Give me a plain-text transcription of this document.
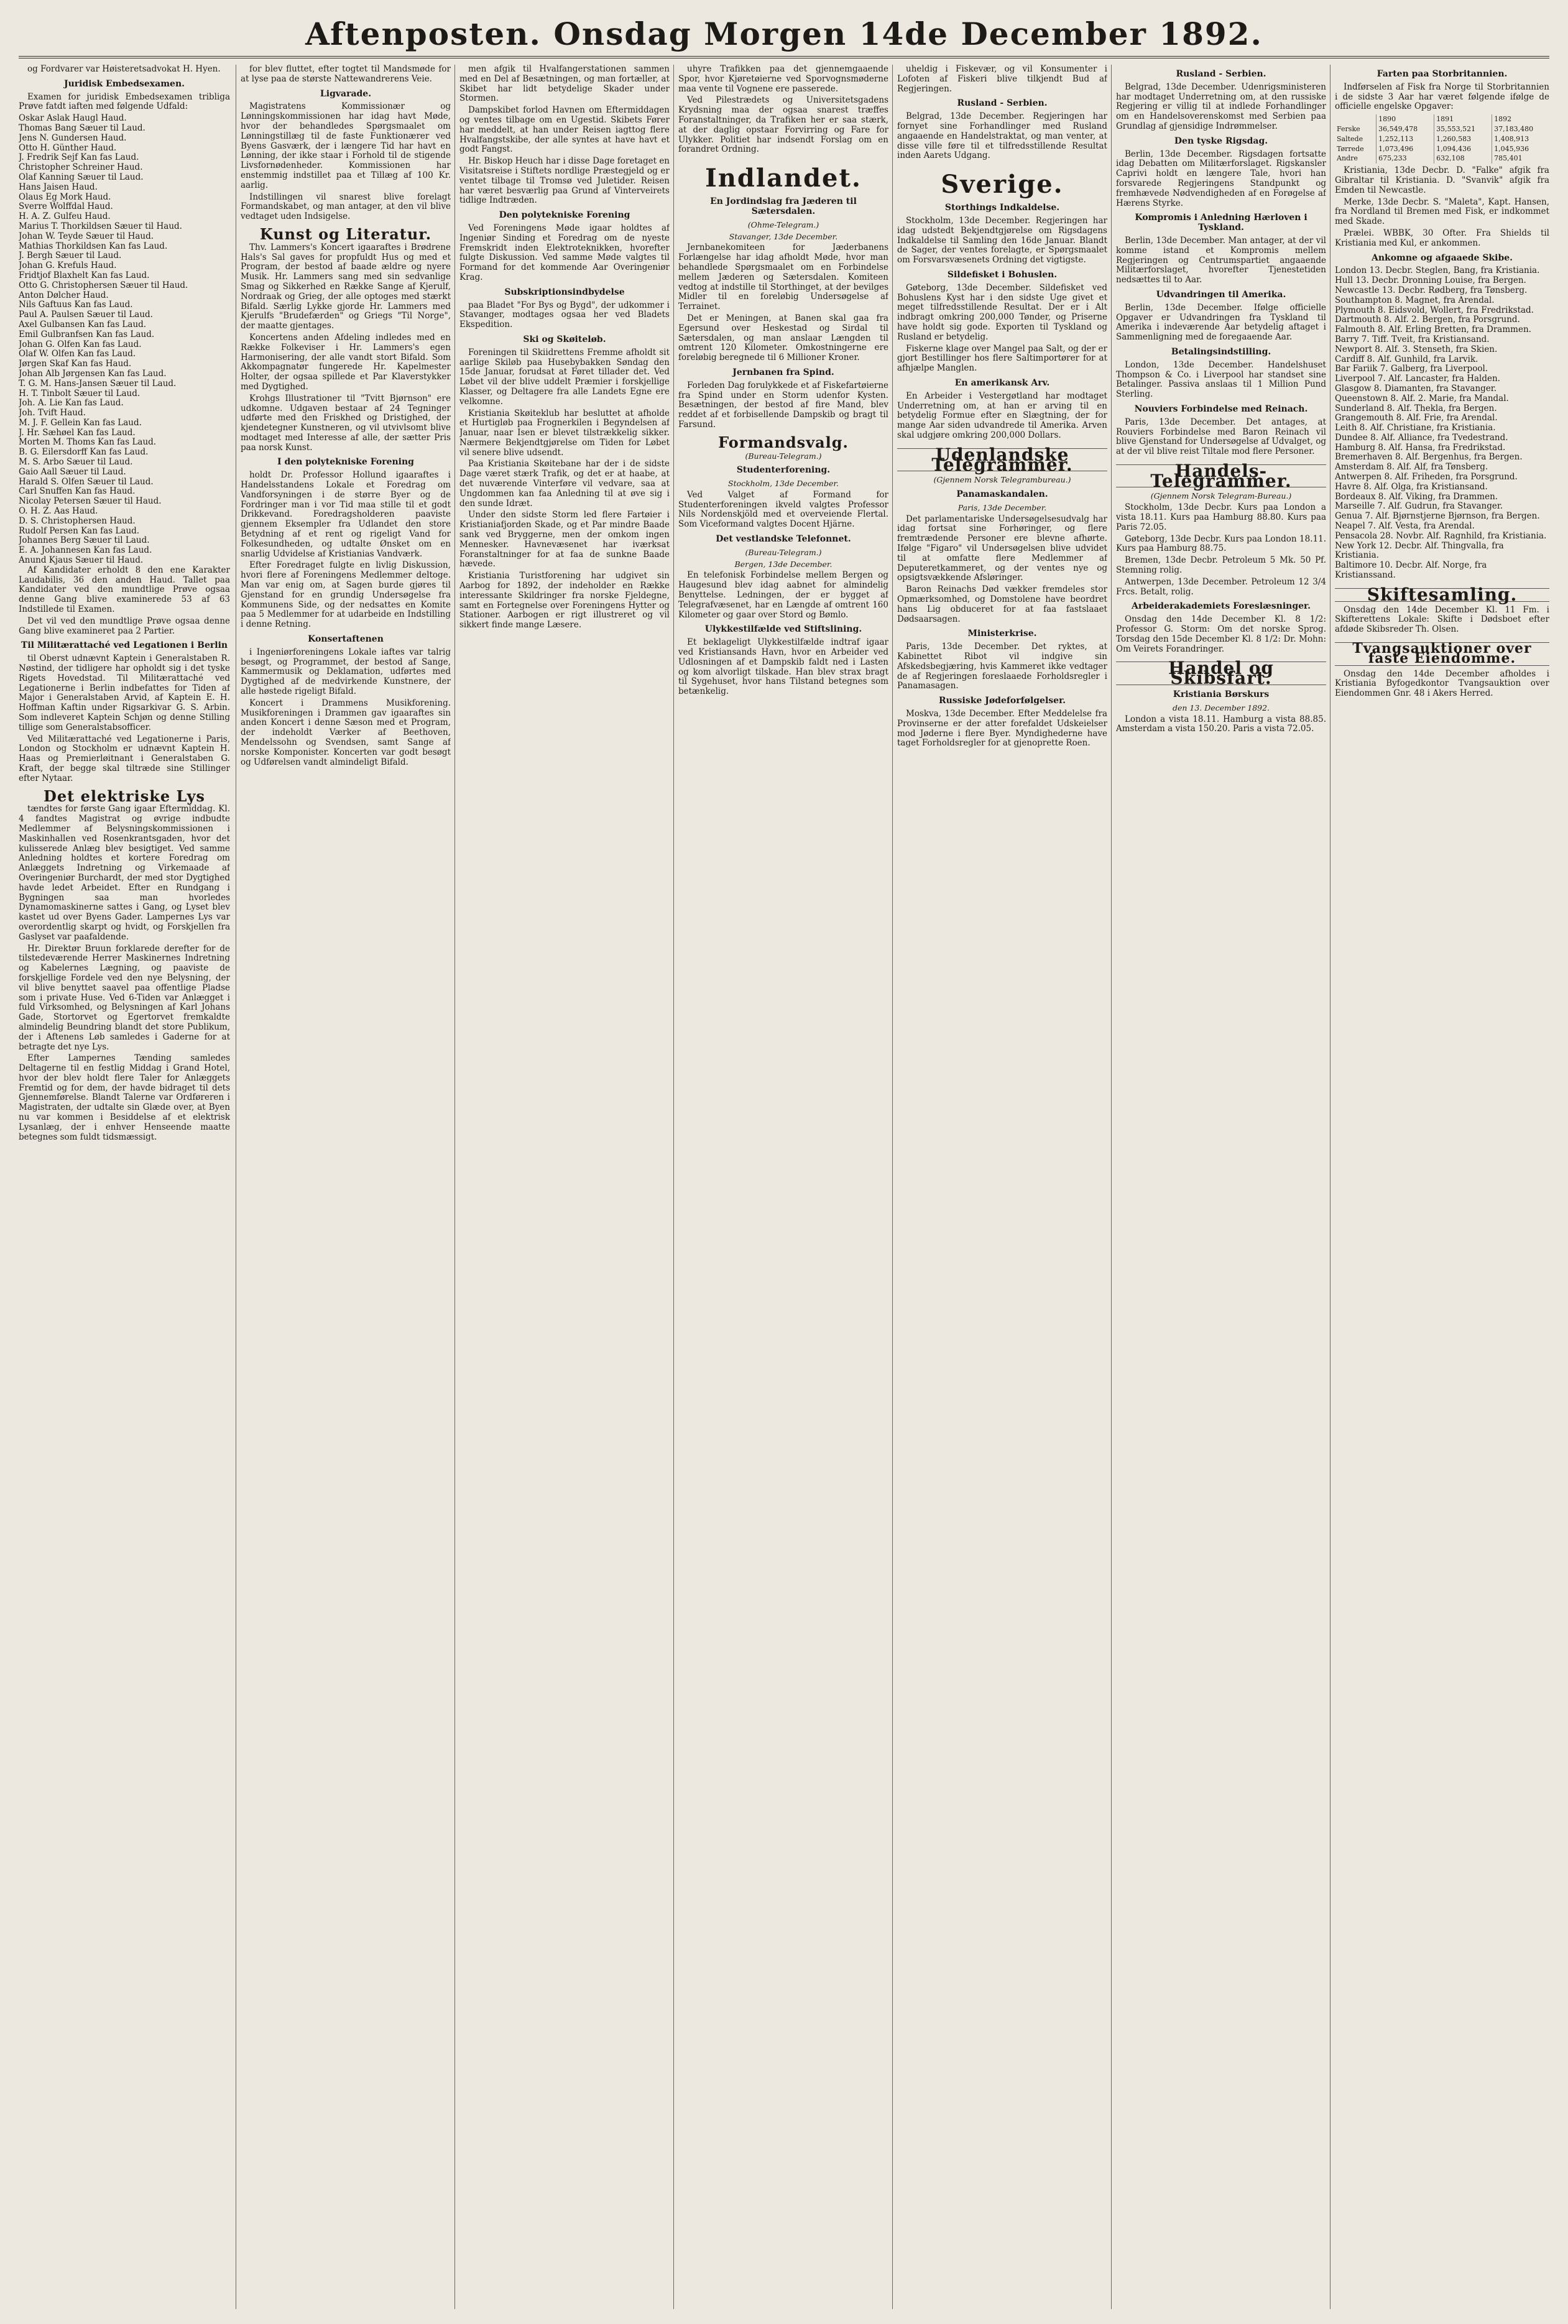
Aftenposten. Onsdag Morgen 14de December 1892.

og Fordvarer var Høisteretsadvokat H. Hyen.

Juridisk Embedsexamen.

Examen for juridisk Embedsexamen tribliga Prøve fatdt iaften med følgende Udfald:

Oskar Aslak Haugl Haud.

Thomas Bang Sæuer til Laud.

Jens N. Gundersen Haud.

Otto H. Günther Haud.

J. Fredrik Sejf Kan fas Laud.

Christopher Schreiner Haud.

Olaf Kanning Sæuer til Laud.

Hans Jaisen Haud.

Olaus Eg Mork Haud.

Sverre Wolffdal Haud.

H. A. Z. Gulfeu Haud.

Marius T. Thorkildsen Sæuer til Haud.

Johan W. Teyde Sæuer til Haud.

Mathias Thorkildsen Kan fas Laud.

J. Bergh Sæuer til Laud.

Johan G. Krefuls Haud.

Fridtjof Blaxhelt Kan fas Laud.

Otto G. Christophersen Sæuer til Haud.

Anton Dølcher Haud.

Nils Gaftuus Kan fas Laud.

Paul A. Paulsen Sæuer til Laud.

Axel Gulbansen Kan fas Laud.

Emil Gulbranfsen Kan fas Laud.

Johan G. Olfen Kan fas Laud.

Olaf W. Olfen Kan fas Laud.

Jørgen Skaf Kan fas Haud.

Johan Alb Jørgensen Kan fas Laud.

T. G. M. Hans-Jansen Sæuer til Laud.

H. T. Tinbolt Sæuer til Laud.

Joh. A. Lie Kan fas Laud.

Joh. Tvift Haud.

M. J. F. Gellein Kan fas Laud.

J. Hr. Sæhøel Kan fas Laud.

Morten M. Thoms Kan fas Laud.

B. G. Eilersdorff Kan fas Laud.

M. S. Arbo Sæuer til Laud.

Gaio Aall Sæuer til Laud.

Harald S. Olfen Sæuer til Laud.

Carl Snuffen Kan fas Haud.

Nicolay Petersen Sæuer til Haud.

O. H. Z. Aas Haud.

D. S. Christophersen Haud.

Rudolf Persen Kan fas Laud.

Johannes Berg Sæuer til Laud.

E. A. Johannesen Kan fas Laud.

Anund Kjaus Sæuer til Haud.

Af Kandidater erholdt 8 den ene Karakter Laudabilis, 36 den anden Haud. Tallet paa Kandidater ved den mundtlige Prøve ogsaa denne Gang blive examinerede 53 af 63 Indstillede til Examen.

Det vil ved den mundtlige Prøve ogsaa denne Gang blive examineret paa 2 Partier.

Til Militærattaché ved Legationen i Berlin

til Oberst udnævnt Kaptein i Generalstaben R. Nøstind, der tidligere har opholdt sig i det tyske Rigets Hovedstad. Til Militærattaché ved Legationerne i Berlin indbefattes for Tiden af Major i Generalstaben Arvid, af Kaptein E. H. Hoffman Kaftin under Rigsarkivar G. S. Arbin. Som indleveret Kaptein Schjøn og denne Stilling tillige som Generalstabsofficer.

Ved Militærattaché ved Legationerne i Paris, London og Stockholm er udnævnt Kaptein H. Haas og Premierløitnant i Generalstaben G. Kraft, der begge skal tiltræde sine Stillinger efter Nytaar.

Det elektriske Lys

tændtes for første Gang igaar Eftermiddag. Kl. 4 fandtes Magistrat og øvrige indbudte Medlemmer af Belysningskommissionen i Maskinhallen ved Rosenkrantsgaden, hvor det kulisserede Anlæg blev besigtiget. Ved samme Anledning holdtes et kortere Foredrag om Anlæggets Indretning og Virkemaade af Overingeniør Burchardt, der med stor Dygtighed havde ledet Arbeidet. Efter en Rundgang i Bygningen saa man hvorledes Dynamomaskinerne sattes i Gang, og Lyset blev kastet ud over Byens Gader. Lampernes Lys var overordentlig skarpt og hvidt, og Forskjellen fra Gaslyset var paafaldende.

Hr. Direktør Bruun forklarede derefter for de tilstedeværende Herrer Maskinernes Indretning og Kabelernes Lægning, og paaviste de forskjellige Fordele ved den nye Belysning, der vil blive benyttet saavel paa offentlige Pladse som i private Huse. Ved 6-Tiden var Anlægget i fuld Virksomhed, og Belysningen af Karl Johans Gade, Stortorvet og Egertorvet fremkaldte almindelig Beundring blandt det store Publikum, der i Aftenens Løb samledes i Gaderne for at betragte det nye Lys.

Efter Lampernes Tænding samledes Deltagerne til en festlig Middag i Grand Hotel, hvor der blev holdt flere Taler for Anlæggets Fremtid og for dem, der havde bidraget til dets Gjennemførelse. Blandt Talerne var Ordføreren i Magistraten, der udtalte sin Glæde over, at Byen nu var kommen i Besiddelse af et elektrisk Lysanlæg, der i enhver Henseende maatte betegnes som fuldt tidsmæssigt.

for blev fluttet, efter togtet til Mandsmøde for at lyse paa de største Nattewandrerens Veie.

Ligvarade.

Magistratens Kommissionær og Lønningskommissionen har idag havt Møde, hvor der behandledes Spørgsmaalet om Lønningstillæg til de faste Funktionærer ved Byens Gasværk, der i længere Tid har havt en Lønning, der ikke staar i Forhold til de stigende Livsfornødenheder. Kommissionen har enstemmig indstillet paa et Tillæg af 100 Kr. aarlig.

Indstillingen vil snarest blive forelagt Formandskabet, og man antager, at den vil blive vedtaget uden Indsigelse.

Kunst og Literatur.

Thv. Lammers's Koncert igaaraftes i Brødrene Hals's Sal gaves for propfuldt Hus og med et Program, der bestod af baade ældre og nyere Musik. Hr. Lammers sang med sin sedvanlige Smag og Sikkerhed en Række Sange af Kjerulf, Nordraak og Grieg, der alle optoges med stærkt Bifald. Særlig Lykke gjorde Hr. Lammers med Kjerulfs "Brudefærden" og Griegs "Til Norge", der maatte gjentages.

Koncertens anden Afdeling indledes med en Række Folkeviser i Hr. Lammers's egen Harmonisering, der alle vandt stort Bifald. Som Akkompagnatør fungerede Hr. Kapelmester Holter, der ogsaa spillede et Par Klaverstykker med Dygtighed.

Krohgs Illustrationer til "Tvitt Bjørnson" ere udkomne. Udgaven bestaar af 24 Tegninger udførte med den Friskhed og Dristighed, der kjendetegner Kunstneren, og vil utvivlsomt blive modtaget med Interesse af alle, der sætter Pris paa norsk Kunst.

I den polytekniske Forening

holdt Dr. Professor Hollund igaaraftes i Handelsstandens Lokale et Foredrag om Vandforsyningen i de større Byer og de Fordringer man i vor Tid maa stille til et godt Drikkevand. Foredragsholderen paaviste gjennem Eksempler fra Udlandet den store Betydning af et rent og rigeligt Vand for Folkesundheden, og udtalte Ønsket om en snarlig Udvidelse af Kristianias Vandværk.

Efter Foredraget fulgte en livlig Diskussion, hvori flere af Foreningens Medlemmer deltoge. Man var enig om, at Sagen burde gjøres til Gjenstand for en grundig Undersøgelse fra Kommunens Side, og der nedsattes en Komite paa 5 Medlemmer for at udarbeide en Indstilling i denne Retning.

Konsertaftenen

i Ingeniørforeningens Lokale iaftes var talrig besøgt, og Programmet, der bestod af Sange, Kammermusik og Deklamation, udførtes med Dygtighed af de medvirkende Kunstnere, der alle høstede rigeligt Bifald.

Koncert i Drammens Musikforening. Musikforeningen i Drammen gav igaaraftes sin anden Koncert i denne Sæson med et Program, der indeholdt Værker af Beethoven, Mendelssohn og Svendsen, samt Sange af norske Komponister. Koncerten var godt besøgt og Udførelsen vandt almindeligt Bifald.

men afgik til Hvalfangerstationen sammen med en Del af Besætningen, og man fortæller, at Skibet har lidt betydelige Skader under Stormen.

Dampskibet forlod Havnen om Eftermiddagen og ventes tilbage om en Ugestid. Skibets Fører har meddelt, at han under Reisen iagttog flere Hvalfangstskibe, der alle syntes at have havt et godt Fangst.

Hr. Biskop Heuch har i disse Dage foretaget en Visitatsreise i Stiftets nordlige Præstegjeld og er ventet tilbage til Tromsø ved Juletider. Reisen har været besværlig paa Grund af Vinterveirets tidlige Indtræden.

Den polytekniske Forening

Ved Foreningens Møde igaar holdtes af Ingeniør Sinding et Foredrag om de nyeste Fremskridt inden Elektroteknikken, hvorefter fulgte Diskussion. Ved samme Møde valgtes til Formand for det kommende Aar Overingeniør Krag.

Subskriptionsindbydelse

paa Bladet "For Bys og Bygd", der udkommer i Stavanger, modtages ogsaa her ved Bladets Ekspedition.

Ski og Skøiteløb.

Foreningen til Skiidrettens Fremme afholdt sit aarlige Skiløb paa Husebybakken Søndag den 15de Januar, forudsat at Føret tillader det. Ved Løbet vil der blive uddelt Præmier i forskjellige Klasser, og Deltagere fra alle Landets Egne ere velkomne.

Kristiania Skøiteklub har besluttet at afholde et Hurtigløb paa Frognerkilen i Begyndelsen af Januar, naar Isen er blevet tilstrækkelig sikker. Nærmere Bekjendtgjørelse om Tiden for Løbet vil senere blive udsendt.

Paa Kristiania Skøitebane har der i de sidste Dage været stærk Trafik, og det er at haabe, at det nuværende Vinterføre vil vedvare, saa at Ungdommen kan faa Anledning til at øve sig i den sunde Idræt.

Under den sidste Storm led flere Fartøier i Kristianiafjorden Skade, og et Par mindre Baade sank ved Bryggerne, men der omkom ingen Mennesker. Havnevæsenet har iværksat Foranstaltninger for at faa de sunkne Baade hævede.

Kristiania Turistforening har udgivet sin Aarbog for 1892, der indeholder en Række interessante Skildringer fra norske Fjeldegne, samt en Fortegnelse over Foreningens Hytter og Stationer. Aarbogen er rigt illustreret og vil sikkert finde mange Læsere.

uhyre Trafikken paa det gjennemgaaende Spor, hvor Kjøretøierne ved Sporvognsmøderne maa vente til Vognene ere passerede.

Ved Pilestrædets og Universitetsgadens Krydsning maa der ogsaa snarest træffes Foranstaltninger, da Trafiken her er saa stærk, at der daglig opstaar Forvirring og Fare for Ulykker. Politiet har indsendt Forslag om en forandret Ordning.

Indlandet.
En Jordindslag fra Jæderen til Sætersdalen.
(Ohme-Telegram.)
Stavanger, 13de December.

Jernbanekomiteen for Jæderbanens Forlængelse har idag afholdt Møde, hvor man behandlede Spørgsmaalet om en Forbindelse mellem Jæderen og Sætersdalen. Komiteen vedtog at indstille til Storthinget, at der bevilges Midler til en foreløbig Undersøgelse af Terrainet.

Det er Meningen, at Banen skal gaa fra Egersund over Heskestad og Sirdal til Sætersdalen, og man anslaar Længden til omtrent 120 Kilometer. Omkostningerne ere foreløbig beregnede til 6 Millioner Kroner.

Jernbanen fra Spind.

Forleden Dag forulykkede et af Fiskefartøierne fra Spind under en Storm udenfor Kysten. Besætningen, der bestod af fire Mand, blev reddet af et forbisellende Dampskib og bragt til Farsund.

Formandsvalg.
(Bureau-Telegram.)
Studenterforening.
Stockholm, 13de December.

Ved Valget af Formand for Studenterforeningen ikveld valgtes Professor Nils Nordenskjöld med et overveiende Flertal. Som Viceformand valgtes Docent Hjärne.

Det vestlandske Telefonnet.
(Bureau-Telegram.)
Bergen, 13de December.

En telefonisk Forbindelse mellem Bergen og Haugesund blev idag aabnet for almindelig Benyttelse. Ledningen, der er bygget af Telegrafvæsenet, har en Længde af omtrent 160 Kilometer og gaar over Stord og Bømlo.

Ulykkestilfælde ved Stiftslining.

Et beklageligt Ulykkestilfælde indtraf igaar ved Kristiansands Havn, hvor en Arbeider ved Udlosningen af et Dampskib faldt ned i Lasten og kom alvorligt tilskade. Han blev strax bragt til Sygehuset, hvor hans Tilstand betegnes som betænkelig.

uheldig i Fiskevær, og vil Konsumenter i Lofoten af Fiskeri blive tilkjendt Bud af Regjeringen.

Rusland - Serbien.

Belgrad, 13de December. Regjeringen har fornyet sine Forhandlinger med Rusland angaaende en Handelstraktat, og man venter, at disse ville føre til et tilfredsstillende Resultat inden Aarets Udgang.

Sverige.
Storthings Indkaldelse.

Stockholm, 13de December. Regjeringen har idag udstedt Bekjendtgjørelse om Rigsdagens Indkaldelse til Samling den 16de Januar. Blandt de Sager, der ventes forelagte, er Spørgsmaalet om Forsvarsvæsenets Ordning det vigtigste.

Sildefisket i Bohuslen.

Gøteborg, 13de December. Sildefisket ved Bohuslens Kyst har i den sidste Uge givet et meget tilfredsstillende Resultat. Der er i Alt indbragt omkring 200,000 Tønder, og Priserne have holdt sig gode. Exporten til Tyskland og Rusland er betydelig.

Fiskerne klage over Mangel paa Salt, og der er gjort Bestillinger hos flere Saltimportører for at afhjælpe Manglen.

En amerikansk Arv.

En Arbeider i Vestergøtland har modtaget Underretning om, at han er arving til en betydelig Formue efter en Slægtning, der for mange Aar siden udvandrede til Amerika. Arven skal udgjøre omkring 200,000 Dollars.

Udenlandske Telegrammer.
(Gjennem Norsk Telegrambureau.)
Panamaskandalen.
Paris, 13de December.

Det parlamentariske Undersøgelsesudvalg har idag fortsat sine Forhøringer, og flere fremtrædende Personer ere blevne afhørte. Ifølge "Figaro" vil Undersøgelsen blive udvidet til at omfatte flere Medlemmer af Deputeretkammeret, og der ventes nye og opsigtsvækkende Afsløringer.

Baron Reinachs Død vækker fremdeles stor Opmærksomhed, og Domstolene have beordret hans Lig obduceret for at faa fastslaaet Dødsaarsagen.

Ministerkrise.

Paris, 13de December. Det ryktes, at Kabinettet Ribot vil indgive sin Afskedsbegjæring, hvis Kammeret ikke vedtager de af Regjeringen foreslaaede Forholdsregler i Panamasagen.

Russiske Jødeforfølgelser.

Moskva, 13de December. Efter Meddelelse fra Provinserne er der atter forefaldet Udskeielser mod Jøderne i flere Byer. Myndighederne have taget Forholdsregler for at gjenoprette Roen.

Rusland - Serbien.

Belgrad, 13de December. Udenrigsministeren har modtaget Underretning om, at den russiske Regjering er villig til at indlede Forhandlinger om en Handelsoverenskomst med Serbien paa Grundlag af gjensidige Indrømmelser.

Den tyske Rigsdag.

Berlin, 13de December. Rigsdagen fortsatte idag Debatten om Militærforslaget. Rigskansler Caprivi holdt en længere Tale, hvori han forsvarede Regjeringens Standpunkt og fremhævede Nødvendigheden af en Forøgelse af Hærens Styrke.

Kompromis i Anledning Hærloven i Tyskland.

Berlin, 13de December. Man antager, at der vil komme istand et Kompromis mellem Regjeringen og Centrumspartiet angaaende Militærforslaget, hvorefter Tjenestetiden nedsættes til to Aar.

Udvandringen til Amerika.

Berlin, 13de December. Ifølge officielle Opgaver er Udvandringen fra Tyskland til Amerika i indeværende Aar betydelig aftaget i Sammenligning med de foregaaende Aar.

Betalingsindstilling.

London, 13de December. Handelshuset Thompson & Co. i Liverpool har standset sine Betalinger. Passiva anslaas til 1 Million Pund Sterling.

Nouviers Forbindelse med Reinach.

Paris, 13de December. Det antages, at Rouviers Forbindelse med Baron Reinach vil blive Gjenstand for Undersøgelse af Udvalget, og at der vil blive reist Tiltale mod flere Personer.

Handels-Telegrammer.
(Gjennem Norsk Telegram-Bureau.)

Stockholm, 13de Decbr. Kurs paa London a vista 18.11. Kurs paa Hamburg 88.80. Kurs paa Paris 72.05.

Gøteborg, 13de Decbr. Kurs paa London 18.11. Kurs paa Hamburg 88.75.

Bremen, 13de Decbr. Petroleum 5 Mk. 50 Pf. Stemning rolig.

Antwerpen, 13de December. Petroleum 12 3/4 Frcs. Betalt, rolig.

Arbeiderakademiets Foreslæsninger.

Onsdag den 14de December Kl. 8 1/2: Professor G. Storm: Om det norske Sprog. Torsdag den 15de December Kl. 8 1/2: Dr. Mohn: Om Veirets Forandringer.

Handel og Skibsfart.
Kristiania Børskurs
den 13. December 1892.

London a vista 18.11. Hamburg a vista 88.85. Amsterdam a vista 150.20. Paris a vista 72.05.

Farten paa Storbritannien.

Indførselen af Fisk fra Norge til Storbritannien i de sidste 3 Aar har været følgende ifølge de officielle engelske Opgaver:

	1890	1891	1892
Ferske	36,549,478	35,553,521	37,183,480
Saltede	1,252,113	1,260,583	1,408,913
Tørrede	1,073,496	1,094,436	1,045,936
Andre	675,233	632,108	785,401

Kristiania, 13de Decbr. D. "Falke" afgik fra Gibraltar til Kristiania. D. "Svanvik" afgik fra Emden til Newcastle.

Merke, 13de Decbr. S. "Maleta", Kapt. Hansen, fra Nordland til Bremen med Fisk, er indkommet med Skade.

Prælei. WBBK, 30 Ofter. Fra Shields til Kristiania med Kul, er ankommen.

Ankomne og afgaaede Skibe.

London 13. Decbr. Steglen, Bang, fra Kristiania.

Hull 13. Decbr. Dronning Louise, fra Bergen.

Newcastle 13. Decbr. Rødberg, fra Tønsberg.

Southampton 8. Magnet, fra Arendal.

Plymouth 8. Eidsvold, Wollert, fra Fredrikstad.

Dartmouth 8. Alf. 2. Bergen, fra Porsgrund.

Falmouth 8. Alf. Erling Bretten, fra Drammen.

Barry 7. Tiff. Tveit, fra Kristiansand.

Newport 8. Alf. 3. Stenseth, fra Skien.

Cardiff 8. Alf. Gunhild, fra Larvik.

Bar Fariik 7. Galberg, fra Liverpool.

Liverpool 7. Alf. Lancaster, fra Halden.

Glasgow 8. Diamanten, fra Stavanger.

Queenstown 8. Alf. 2. Marie, fra Mandal.

Sunderland 8. Alf. Thekla, fra Bergen.

Grangemouth 8. Alf. Frie, fra Arendal.

Leith 8. Alf. Christiane, fra Kristiania.

Dundee 8. Alf. Alliance, fra Tvedestrand.

Hamburg 8. Alf. Hansa, fra Fredrikstad.

Bremerhaven 8. Alf. Bergenhus, fra Bergen.

Amsterdam 8. Alf. Alf, fra Tønsberg.

Antwerpen 8. Alf. Friheden, fra Porsgrund.

Havre 8. Alf. Olga, fra Kristiansand.

Bordeaux 8. Alf. Viking, fra Drammen.

Marseille 7. Alf. Gudrun, fra Stavanger.

Genua 7. Alf. Bjørnstjerne Bjørnson, fra Bergen.

Neapel 7. Alf. Vesta, fra Arendal.

Pensacola 28. Novbr. Alf. Ragnhild, fra Kristiania.

New York 12. Decbr. Alf. Thingvalla, fra Kristiania.

Baltimore 10. Decbr. Alf. Norge, fra Kristianssand.

Skiftesamling.

Onsdag den 14de December Kl. 11 Fm. i Skifterettens Lokale: Skifte i Dødsboet efter afdøde Skibsreder Th. Olsen.

Tvangsauktioner over faste Eiendomme.

Onsdag den 14de December afholdes i Kristiania Byfogedkontor Tvangsauktion over Eiendommen Gnr. 48 i Akers Herred.
